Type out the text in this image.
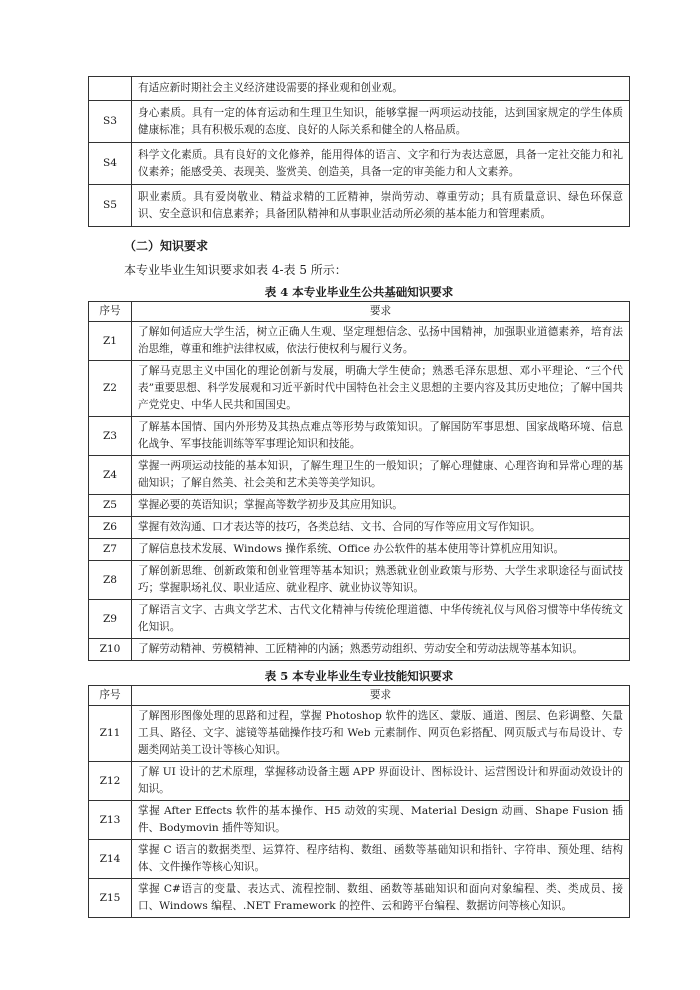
	有适应新时期社会主义经济建设需要的择业观和创业观。
S3	身心素质。具有一定的体育运动和生理卫生知识，能够掌握一两项运动技能，达到国家规定的学生体质健康标准；具有积极乐观的态度、良好的人际关系和健全的人格品质。
S4	科学文化素质。具有良好的文化修养，能用得体的语言、文字和行为表达意愿，具备一定社交能力和礼仪素养；能感受美、表现美、鉴赏美、创造美，具备一定的审美能力和人文素养。
S5	职业素质。具有爱岗敬业、精益求精的工匠精神，崇尚劳动、尊重劳动；具有质量意识、绿色环保意识、安全意识和信息素养；具备团队精神和从事职业活动所必须的基本能力和管理素质。
（二）知识要求
本专业毕业生知识要求如表 4-表 5 所示：
表 4 本专业毕业生公共基础知识要求
序号	要求
Z1	了解如何适应大学生活，树立正确人生观、坚定理想信念、弘扬中国精神，加强职业道德素养，培育法治思维，尊重和维护法律权威，依法行使权利与履行义务。
Z2	了解马克思主义中国化的理论创新与发展，明确大学生使命；熟悉毛泽东思想、邓小平理论、“三个代表”重要思想、科学发展观和习近平新时代中国特色社会主义思想的主要内容及其历史地位；了解中国共产党党史、中华人民共和国国史。
Z3	了解基本国情、国内外形势及其热点难点等形势与政策知识。了解国防军事思想、国家战略环境、信息化战争、军事技能训练等军事理论知识和技能。
Z4	掌握一两项运动技能的基本知识，了解生理卫生的一般知识；了解心理健康、心理咨询和异常心理的基础知识；了解自然美、社会美和艺术美等美学知识。
Z5	掌握必要的英语知识；掌握高等数学初步及其应用知识。
Z6	掌握有效沟通、口才表达等的技巧，各类总结、文书、合同的写作等应用文写作知识。
Z7	了解信息技术发展、Windows 操作系统、Office 办公软件的基本使用等计算机应用知识。
Z8	了解创新思维、创新政策和创业管理等基本知识；熟悉就业创业政策与形势、大学生求职途径与面试技巧；掌握职场礼仪、职业适应、就业程序、就业协议等知识。
Z9	了解语言文字、古典文学艺术、古代文化精神与传统伦理道德、中华传统礼仪与风俗习惯等中华传统文化知识。
Z10	了解劳动精神、劳模精神、工匠精神的内涵；熟悉劳动组织、劳动安全和劳动法规等基本知识。
表 5 本专业毕业生专业技能知识要求
序号	要求
Z11	了解图形图像处理的思路和过程，掌握 Photoshop 软件的选区、蒙版、通道、图层、色彩调整、矢量工具、路径、文字、滤镜等基础操作技巧和 Web 元素制作、网页色彩搭配、网页版式与布局设计、专题类网站美工设计等核心知识。
Z12	了解 UI 设计的艺术原理，掌握移动设备主题 APP 界面设计、图标设计、运营图设计和界面动效设计的知识。
Z13	掌握 After Effects 软件的基本操作、H5 动效的实现、Material Design 动画、Shape Fusion 插件、Bodymovin 插件等知识。
Z14	掌握 C 语言的数据类型、运算符、程序结构、数组、函数等基础知识和指针、字符串、预处理、结构体、文件操作等核心知识。
Z15	掌握 C#语言的变量、表达式、流程控制、数组、函数等基础知识和面向对象编程、类、类成员、接口、Windows 编程、.NET Framework 的控件、云和跨平台编程、数据访问等核心知识。
